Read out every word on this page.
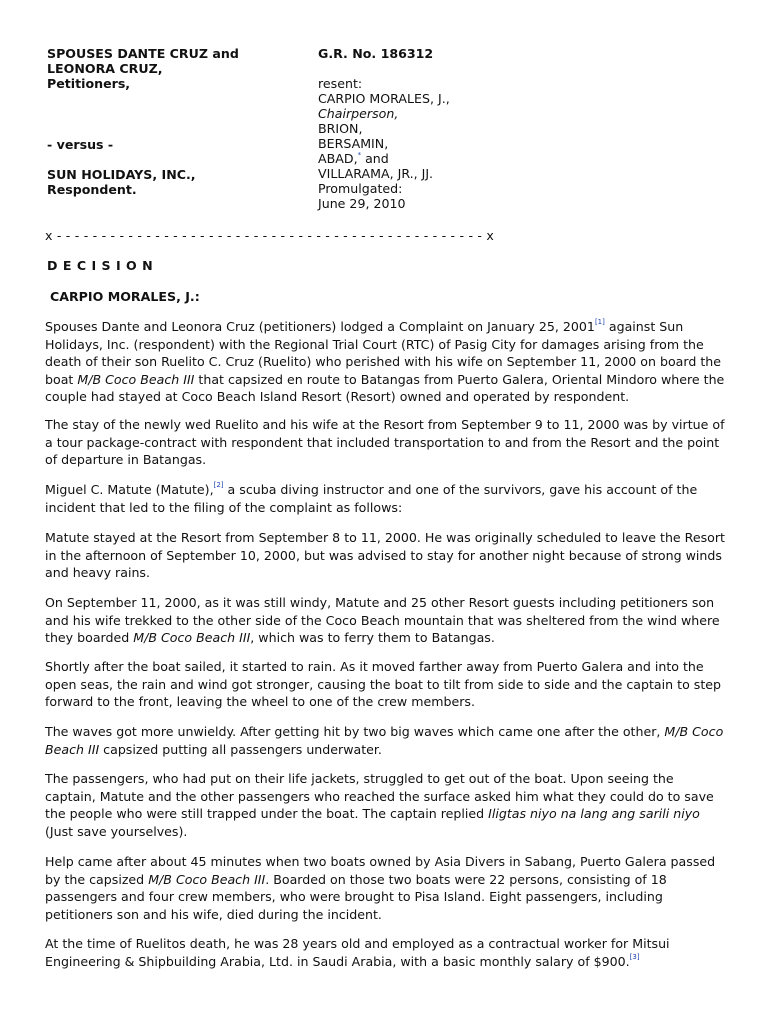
SPOUSES DANTE CRUZ and
LEONORA CRUZ,
Petitioners,
- versus -
SUN HOLIDAYS, INC.,
Respondent.
G.R. No. 186312
resent:
CARPIO MORALES, J.,
Chairperson,
BRION,
BERSAMIN,
ABAD,* and
VILLARAMA, JR., JJ.
Promulgated:
June 29, 2010
x - - - - - - - - - - - - - - - - - - - - - - - - - - - - - - - - - - - - - - - - - - - - - - - - x
D E C I S I O N
CARPIO MORALES, J.:

Spouses Dante and Leonora Cruz (petitioners) lodged a Complaint on January 25, 2001[1] against Sun Holidays, Inc. (respondent) with the Regional Trial Court (RTC) of Pasig City for damages arising from the death of their son Ruelito C. Cruz (Ruelito) who perished with his wife on September 11, 2000 on board the boat M/B Coco Beach III that capsized en route to Batangas from Puerto Galera, Oriental Mindoro where the couple had stayed at Coco Beach Island Resort (Resort) owned and operated by respondent.

The stay of the newly wed Ruelito and his wife at the Resort from September 9 to 11, 2000 was by virtue of a tour package-contract with respondent that included transportation to and from the Resort and the point of departure in Batangas.

Miguel C. Matute (Matute),[2] a scuba diving instructor and one of the survivors, gave his account of the incident that led to the filing of the complaint as follows:

Matute stayed at the Resort from September 8 to 11, 2000. He was originally scheduled to leave the Resort in the afternoon of September 10, 2000, but was advised to stay for another night because of strong winds and heavy rains.

On September 11, 2000, as it was still windy, Matute and 25 other Resort guests including petitioners son and his wife trekked to the other side of the Coco Beach mountain that was sheltered from the wind where they boarded M/B Coco Beach III, which was to ferry them to Batangas.

Shortly after the boat sailed, it started to rain. As it moved farther away from Puerto Galera and into the open seas, the rain and wind got stronger, causing the boat to tilt from side to side and the captain to step forward to the front, leaving the wheel to one of the crew members.

The waves got more unwieldy. After getting hit by two big waves which came one after the other, M/B Coco Beach III capsized putting all passengers underwater.

The passengers, who had put on their life jackets, struggled to get out of the boat. Upon seeing the captain, Matute and the other passengers who reached the surface asked him what they could do to save the people who were still trapped under the boat. The captain replied Iligtas niyo na lang ang sarili niyo (Just save yourselves).

Help came after about 45 minutes when two boats owned by Asia Divers in Sabang, Puerto Galera passed by the capsized M/B Coco Beach III. Boarded on those two boats were 22 persons, consisting of 18 passengers and four crew members, who were brought to Pisa Island. Eight passengers, including petitioners son and his wife, died during the incident.

At the time of Ruelitos death, he was 28 years old and employed as a contractual worker for Mitsui Engineering & Shipbuilding Arabia, Ltd. in Saudi Arabia, with a basic monthly salary of $900.[3]
